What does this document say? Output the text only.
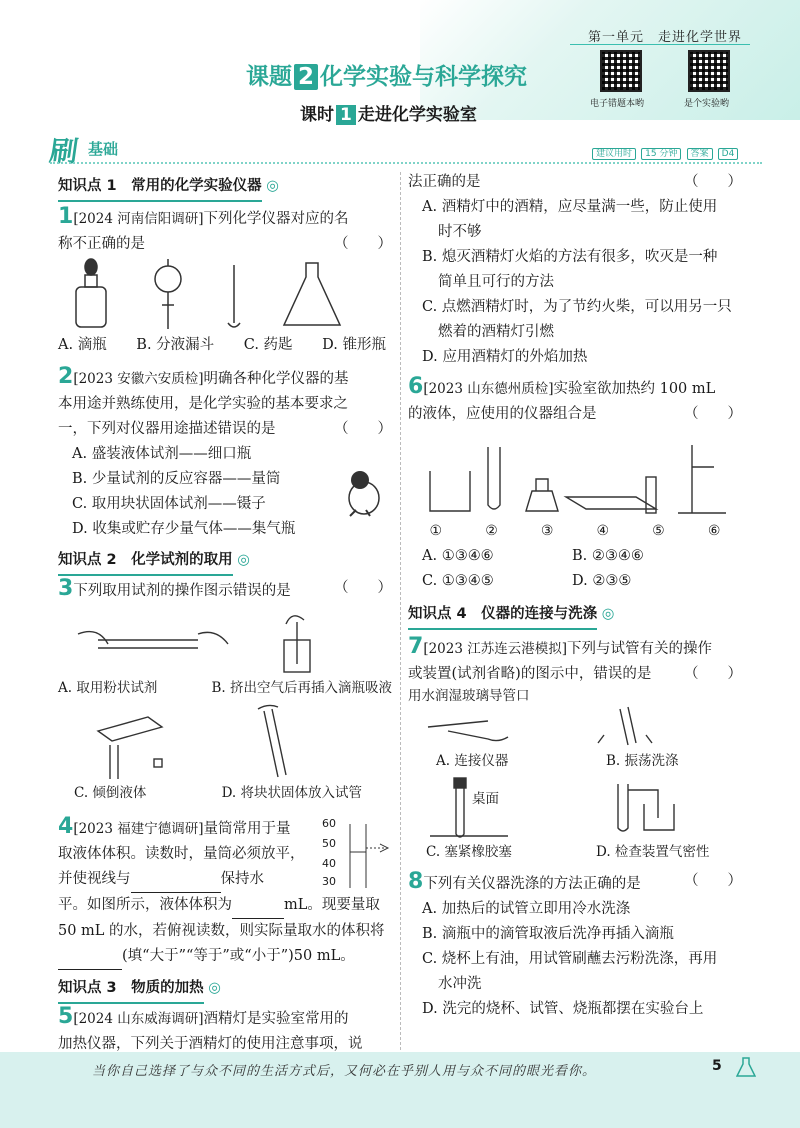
第一单元　走进化学世界
课题 2 化学实验与科学探究
课时 1 走进化学实验室
电子错题本哟	是个实验哟
刷 基础	建议用时 15 分钟 答案 D4
知识点 1　常用的化学实验仪器 ◎
1[2024 河南信阳调研]下列化学仪器对应的名
称不正确的是	（　　）
A. 滴瓶 B. 分液漏斗 C. 药匙 D. 锥形瓶
2[2023 安徽六安质检]明确各种化学仪器的基
本用途并熟练使用，是化学实验的基本要求之
一，下列对仪器用途描述错误的是	（　　）
A. 盛装液体试剂——细口瓶
B. 少量试剂的反应容器——量筒
C. 取用块状固体试剂——镊子
D. 收集或贮存少量气体——集气瓶
知识点 2　化学试剂的取用 ◎
3下列取用试剂的操作图示错误的是	（　　）
A. 取用粉状试剂	B. 挤出空气后再插入滴瓶吸液
C. 倾倒液体	D. 将块状固体放入试管
4[2023 福建宁德调研]量筒常用于量
取液体体积。读数时，量筒必须放平，
并使视线与	保持水
平。如图所示，液体体积为	mL。现要量取
50 mL 的水，若俯视读数，则实际量取水的体积将
(填“大于”“等于”或“小于”)50 mL。
60
50
40
30
知识点 3　物质的加热 ◎
5[2024 山东威海调研]酒精灯是实验室常用的
加热仪器，下列关于酒精灯的使用注意事项，说
法正确的是	（　　）
A. 酒精灯中的酒精，应尽量满一些，防止使用
时不够
B. 熄灭酒精灯火焰的方法有很多，吹灭是一种
简单且可行的方法
C. 点燃酒精灯时，为了节约火柴，可以用另一只
燃着的酒精灯引燃
D. 应用酒精灯的外焰加热
6[2023 山东德州质检]实验室欲加热约 100 mL
的液体，应使用的仪器组合是	（　　）
①	②	③	④	⑤	⑥
A. ①③④⑥	B. ②③④⑥
C. ①③④⑤	D. ②③⑤
知识点 4　仪器的连接与洗涤 ◎
7[2023 江苏连云港模拟]下列与试管有关的操作
或装置(试剂省略)的图示中，错误的是 （　　）
用水润湿玻璃导管口
A. 连接仪器	B. 振荡洗涤
桌面
C. 塞紧橡胶塞	D. 检查装置气密性
8下列有关仪器洗涤的方法正确的是	（　　）
A. 加热后的试管立即用冷水洗涤
B. 滴瓶中的滴管取液后洗净再插入滴瓶
C. 烧杯上有油，用试管刷蘸去污粉洗涤，再用
水冲洗
D. 洗完的烧杯、试管、烧瓶都摆在实验台上
当你自己选择了与众不同的生活方式后，又何必在乎别人用与众不同的眼光看你。	5
